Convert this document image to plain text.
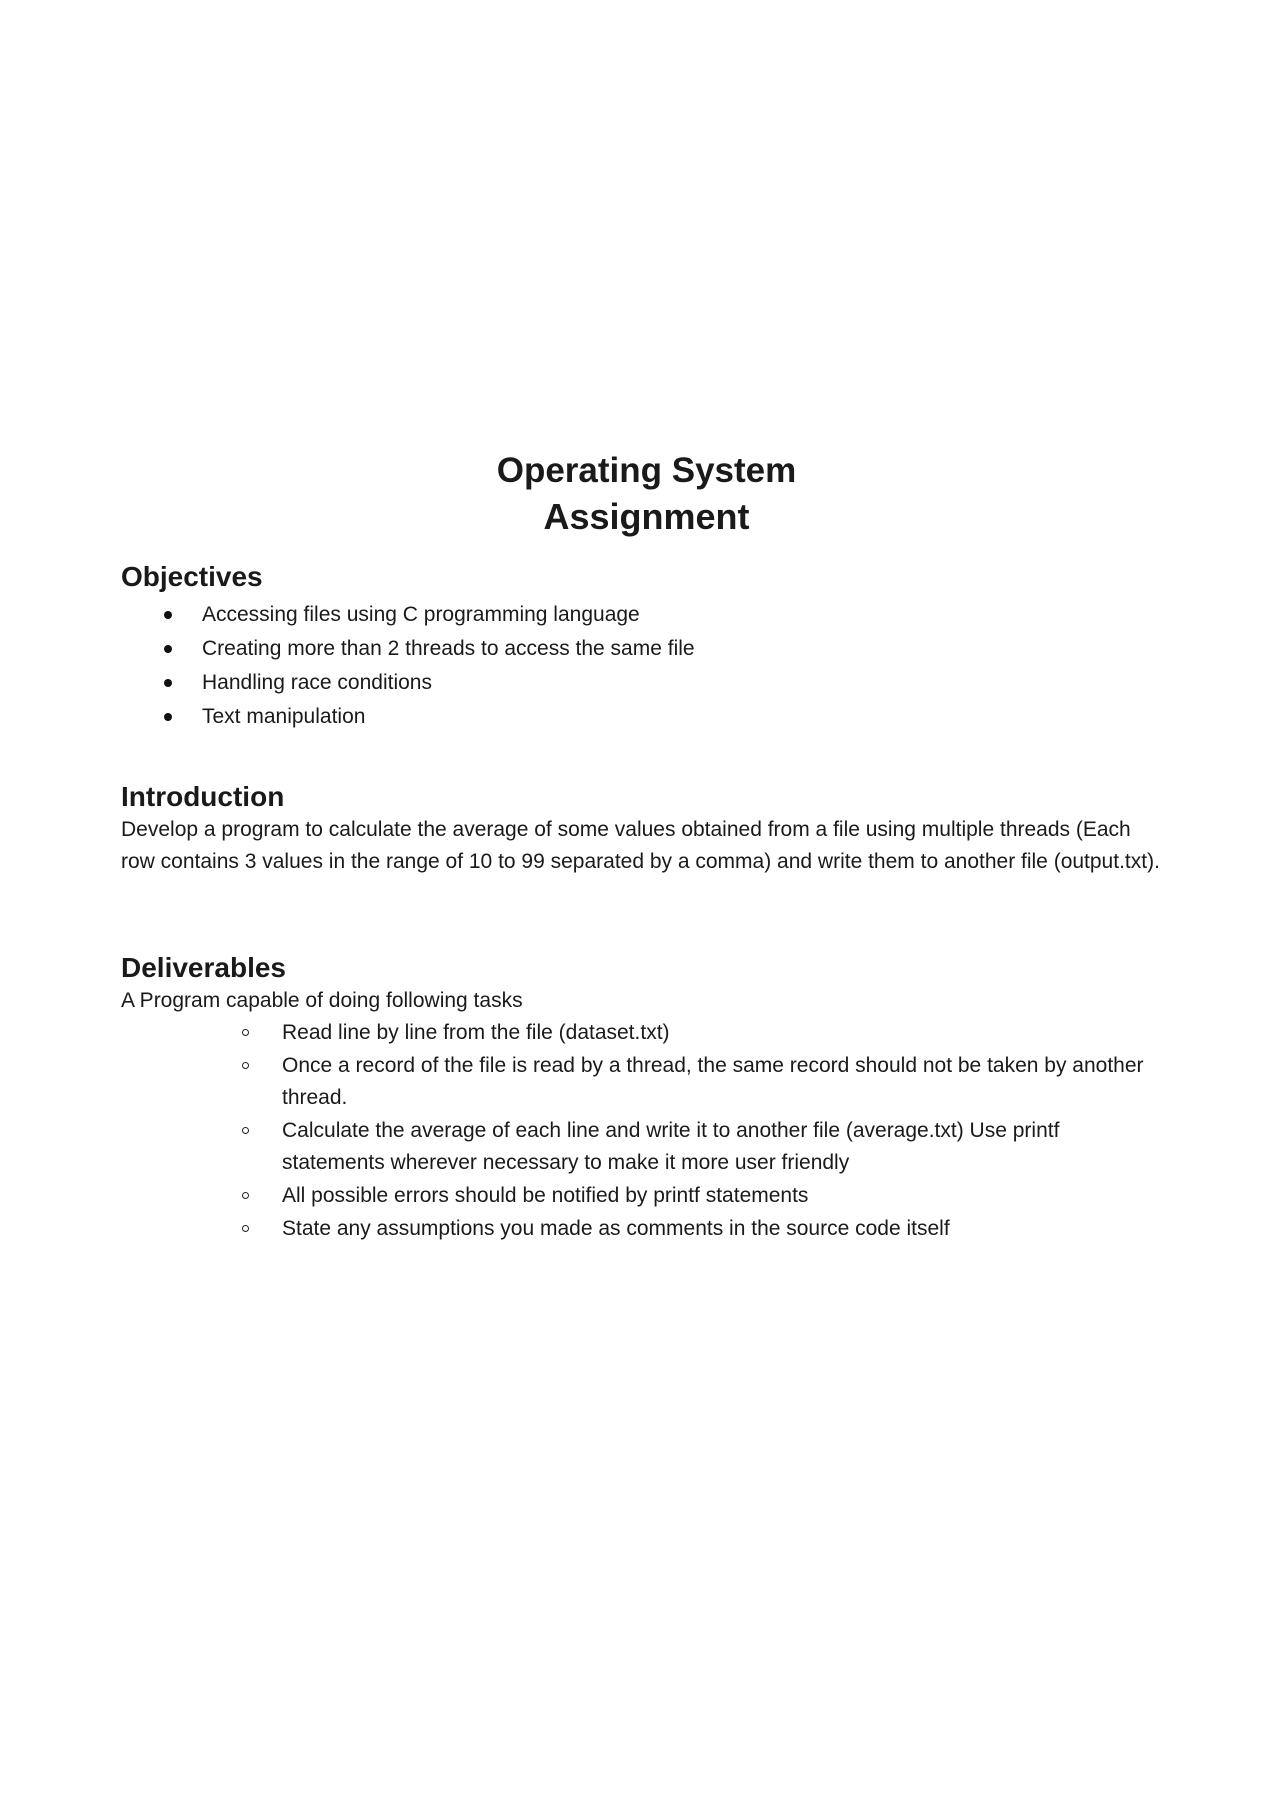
Operating System
Assignment
Objectives
Accessing files using C programming language
Creating more than 2 threads to access the same file
Handling race conditions
Text manipulation
Introduction

Develop a program to calculate the average of some values obtained from a file using multiple threads (Each row contains 3 values in the range of 10 to 99 separated by a comma) and write them to another file (output.txt).

Deliverables

A Program capable of doing following tasks

Read line by line from the file (dataset.txt)
Once a record of the file is read by a thread, the same record should not be taken by another thread.
Calculate the average of each line and write it to another file (average.txt) Use printf statements wherever necessary to make it more user friendly
All possible errors should be notified by printf statements
State any assumptions you made as comments in the source code itself
